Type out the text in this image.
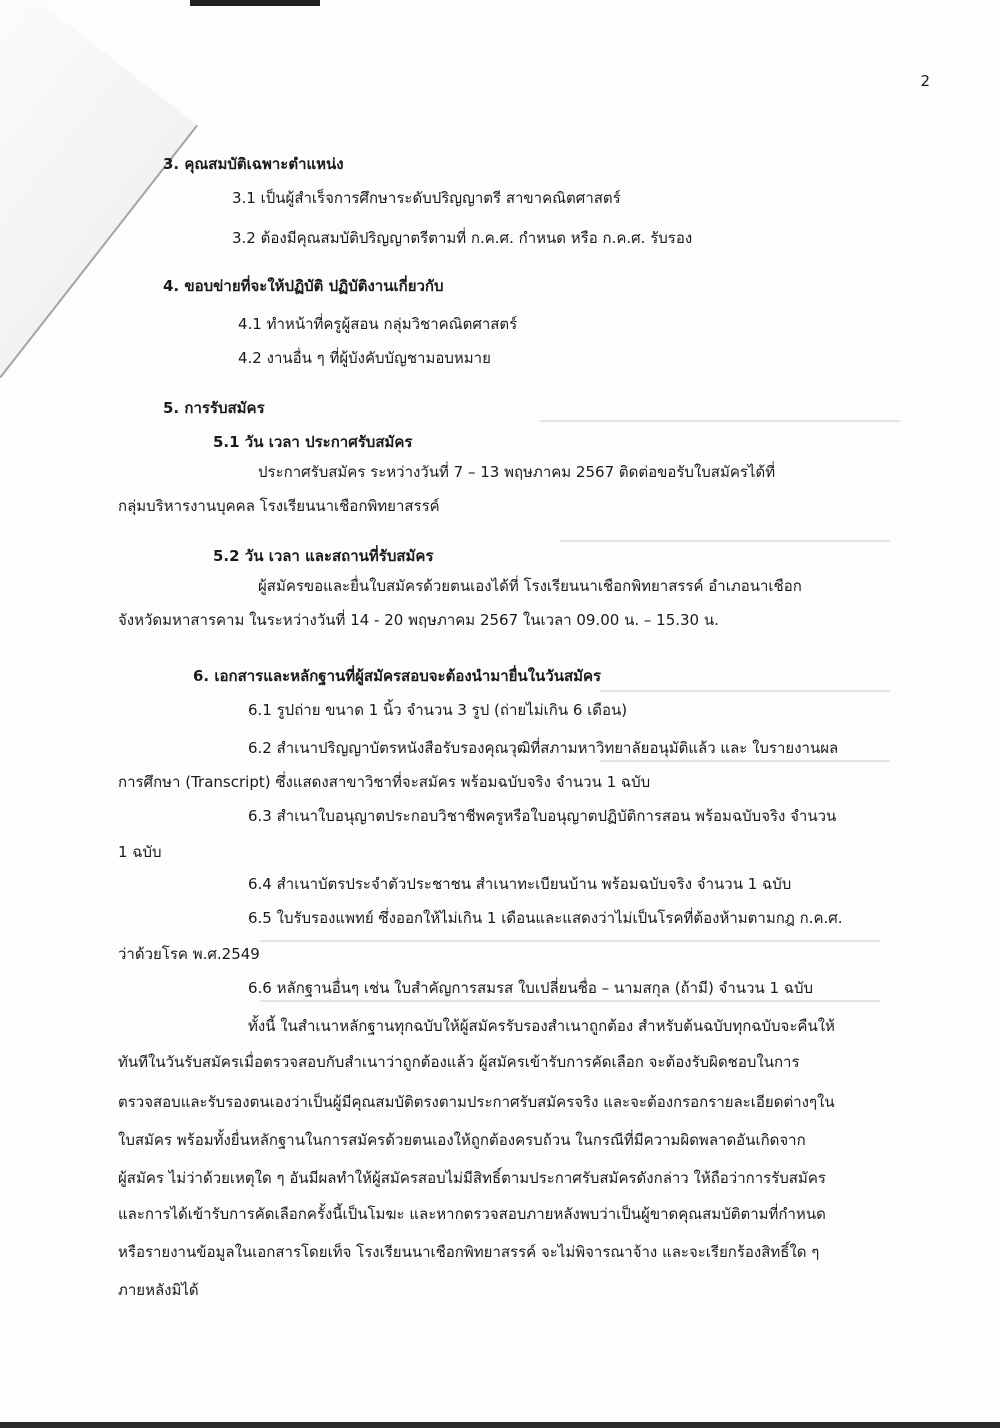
2
3. คุณสมบัติเฉพาะตำแหน่ง
3.1 เป็นผู้สำเร็จการศึกษาระดับปริญญาตรี สาขาคณิตศาสตร์
3.2 ต้องมีคุณสมบัติปริญญาตรีตามที่ ก.ค.ศ. กำหนด หรือ ก.ค.ศ. รับรอง
4. ขอบข่ายที่จะให้ปฏิบัติ ปฏิบัติงานเกี่ยวกับ
4.1 ทำหน้าที่ครูผู้สอน กลุ่มวิชาคณิตศาสตร์
4.2 งานอื่น ๆ ที่ผู้บังคับบัญชามอบหมาย
5. การรับสมัคร
5.1 วัน เวลา ประกาศรับสมัคร
ประกาศรับสมัคร ระหว่างวันที่ 7 – 13 พฤษภาคม 2567 ติดต่อขอรับใบสมัครได้ที่
กลุ่มบริหารงานบุคคล โรงเรียนนาเชือกพิทยาสรรค์
5.2 วัน เวลา และสถานที่รับสมัคร
ผู้สมัครขอและยื่นใบสมัครด้วยตนเองได้ที่ โรงเรียนนาเชือกพิทยาสรรค์ อำเภอนาเชือก
จังหวัดมหาสารคาม ในระหว่างวันที่ 14 - 20 พฤษภาคม 2567 ในเวลา 09.00 น. – 15.30 น.
6. เอกสารและหลักฐานที่ผู้สมัครสอบจะต้องนำมายื่นในวันสมัคร
6.1 รูปถ่าย ขนาด 1 นิ้ว จำนวน 3 รูป (ถ่ายไม่เกิน 6 เดือน)
6.2 สำเนาปริญญาบัตรหนังสือรับรองคุณวุฒิที่สภามหาวิทยาลัยอนุมัติแล้ว และ ใบรายงานผล
การศึกษา (Transcript) ซึ่งแสดงสาขาวิชาที่จะสมัคร พร้อมฉบับจริง จำนวน 1 ฉบับ
6.3 สำเนาใบอนุญาตประกอบวิชาชีพครูหรือใบอนุญาตปฏิบัติการสอน พร้อมฉบับจริง จำนวน
1 ฉบับ
6.4 สำเนาบัตรประจำตัวประชาชน สำเนาทะเบียนบ้าน พร้อมฉบับจริง จำนวน 1 ฉบับ
6.5 ใบรับรองแพทย์ ซึ่งออกให้ไม่เกิน 1 เดือนและแสดงว่าไม่เป็นโรคที่ต้องห้ามตามกฎ ก.ค.ศ.
ว่าด้วยโรค พ.ศ.2549
6.6 หลักฐานอื่นๆ เช่น ใบสำคัญการสมรส ใบเปลี่ยนชื่อ – นามสกุล (ถ้ามี) จำนวน 1 ฉบับ
ทั้งนี้ ในสำเนาหลักฐานทุกฉบับให้ผู้สมัครรับรองสำเนาถูกต้อง สำหรับต้นฉบับทุกฉบับจะคืนให้
ทันทีในวันรับสมัครเมื่อตรวจสอบกับสำเนาว่าถูกต้องแล้ว ผู้สมัครเข้ารับการคัดเลือก จะต้องรับผิดชอบในการ
ตรวจสอบและรับรองตนเองว่าเป็นผู้มีคุณสมบัติตรงตามประกาศรับสมัครจริง และจะต้องกรอกรายละเอียดต่างๆใน
ใบสมัคร พร้อมทั้งยื่นหลักฐานในการสมัครด้วยตนเองให้ถูกต้องครบถ้วน ในกรณีที่มีความผิดพลาดอันเกิดจาก
ผู้สมัคร ไม่ว่าด้วยเหตุใด ๆ อันมีผลทำให้ผู้สมัครสอบไม่มีสิทธิ์ตามประกาศรับสมัครดังกล่าว ให้ถือว่าการรับสมัคร
และการได้เข้ารับการคัดเลือกครั้งนี้เป็นโมฆะ และหากตรวจสอบภายหลังพบว่าเป็นผู้ขาดคุณสมบัติตามที่กำหนด
หรือรายงานข้อมูลในเอกสารโดยเท็จ โรงเรียนนาเชือกพิทยาสรรค์ จะไม่พิจารณาจ้าง และจะเรียกร้องสิทธิ์ใด ๆ
ภายหลังมิได้
